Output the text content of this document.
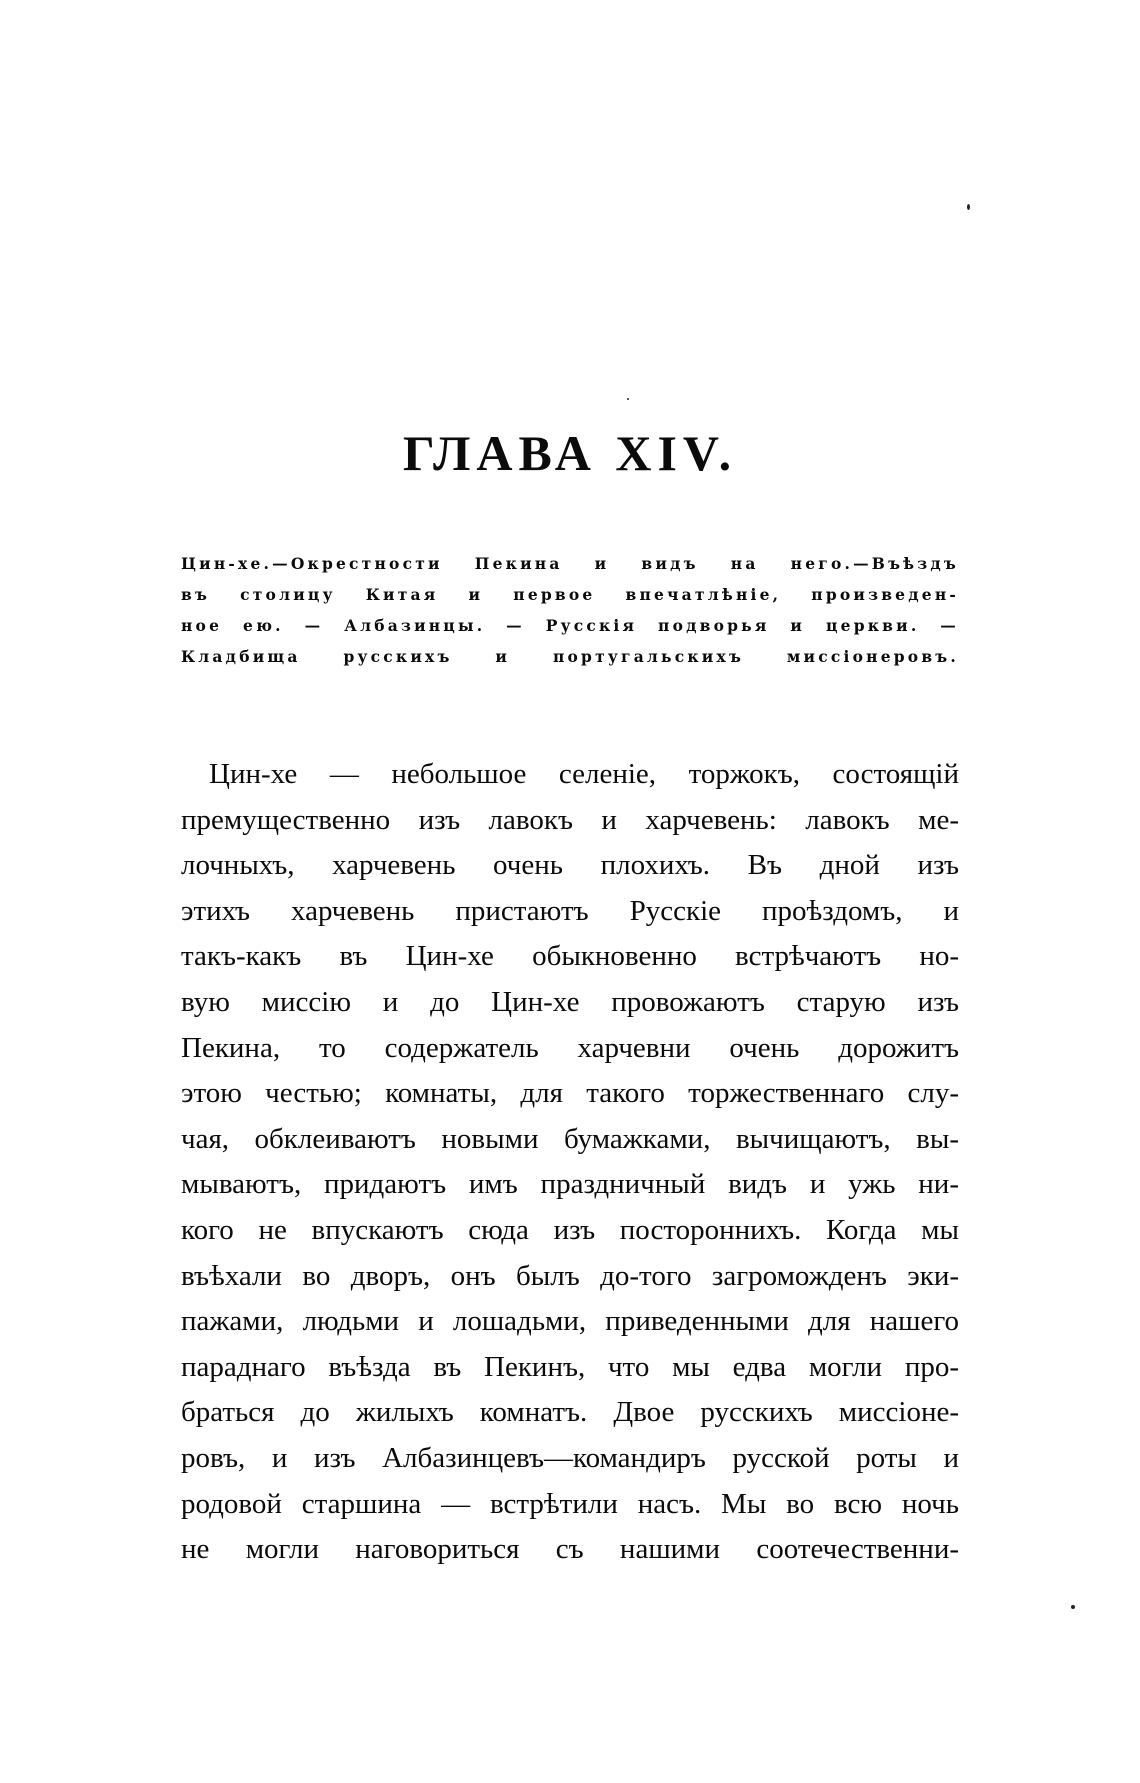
ГЛАВА XIV.
Цин-хе.—Окрестности Пекина и видъ на него.—Въѣздъ
въ столицу Китая и первое впечатлѣніе, произведен-
ное ею. — Албазинцы. — Русскія подворья и церкви. —
Кладбища русскихъ и португальскихъ миссіонеровъ.
Цин-хе — небольшое селеніе, торжокъ, состоящій
премущественно изъ лавокъ и харчевень: лавокъ ме-
лочныхъ, харчевень очень плохихъ. Въ дной изъ
этихъ харчевень пристаютъ Русскіе проѣздомъ, и
такъ-какъ въ Цин-хе обыкновенно встрѣчаютъ но-
вую миссію и до Цин-хе провожаютъ старую изъ
Пекина, то содержатель харчевни очень дорожитъ
этою честью; комнаты, для такого торжественнаго слу-
чая, обклеиваютъ новыми бумажками, вычищаютъ, вы-
мываютъ, придаютъ имъ праздничный видъ и ужь ни-
кого не впускаютъ сюда изъ постороннихъ. Когда мы
въѣхали во дворъ, онъ былъ до-того загроможденъ эки-
пажами, людьми и лошадьми, приведенными для нашего
параднаго въѣзда въ Пекинъ, что мы едва могли про-
браться до жилыхъ комнатъ. Двое русскихъ миссіоне-
ровъ, и изъ Албазинцевъ—командиръ русской роты и
родовой старшина — встрѣтили насъ. Мы во всю ночь
не могли наговориться съ нашими соотечественни-
